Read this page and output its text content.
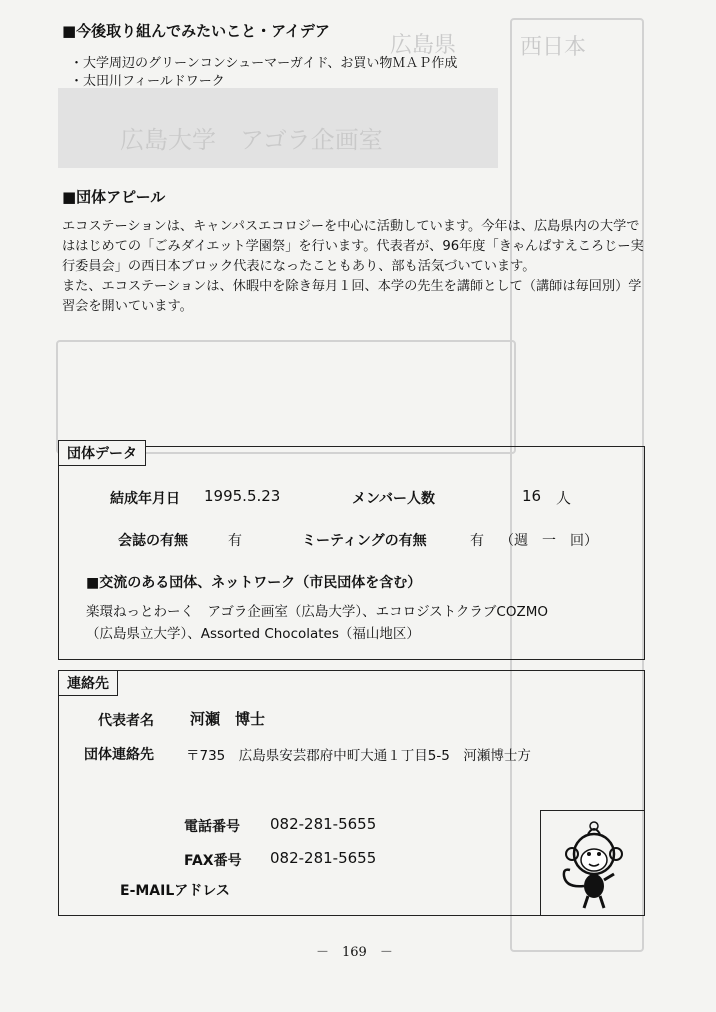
広島県	西日本
広島大学　アゴラ企画室
■今後取り組んでみたいこと・アイデア
・大学周辺のグリーンコンシューマーガイド、お買い物ＭＡＰ作成
・太田川フィールドワーク
■団体アピール

エコステーションは、キャンパスエコロジーを中心に活動しています。今年は、広島県内の大学でははじめての「ごみダイエット学園祭」を行います。代表者が、96年度「きゃんぱすえころじー実行委員会」の西日本ブロック代表になったこともあり、部も活気づいています。

また、エコステーションは、休暇中を除き毎月１回、本学の先生を講師として（講師は毎回別）学習会を開いています。

団体データ
結成年月日 1995.5.23	メンバー人数	16 人
会誌の有無	有	ミーティングの有無	有 （週　一　回）
■交流のある団体、ネットワーク（市民団体を含む）
楽環ねっとわーく　アゴラ企画室（広島大学）、エコロジストクラブCOZMO
（広島県立大学）、Assorted Chocolates（福山地区）
連絡先
代表者名 河瀬　博士
団体連絡先 〒735　広島県安芸郡府中町大通１丁目5-5　河瀬博士方
電話番号 082-281-5655
FAX番号 082-281-5655
E-MAILアドレス
－　169　－
